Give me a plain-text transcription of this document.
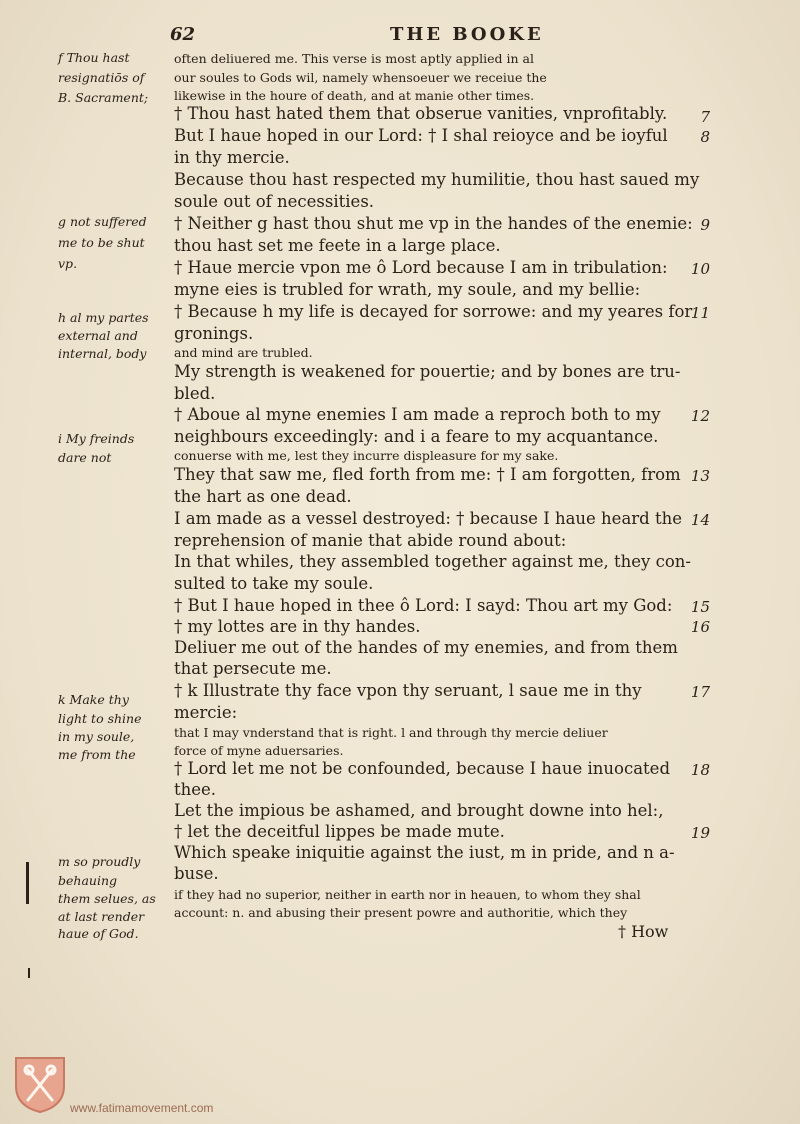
62	THE BOOKE
f Thou hast
resignatiōs of
B. Sacrament;
g not suffered
me to be shut
vp.
h al my partes
external and
internal, body
i My freinds
dare not
k Make thy
light to shine
in my soule,
me from the
m so proudly
behauing
them selues, as
at last render
haue of God.
often deliuered me. This verse is most aptly applied in al
our soules to Gods wil, namely whensoeuer we receiue the
likewise in the houre of death, and at manie other times.
† Thou hast hated them that obserue vanities, vnprofitably.
But I haue hoped in our Lord: † I shal reioyce and be ioyful
in thy mercie.
Because thou hast respected my humilitie, thou hast saued my
soule out of necessities.
† Neither g hast thou shut me vp in the handes of the enemie:
thou hast set me feete in a large place.
† Haue mercie vpon me ô Lord because I am in tribulation:
myne eies is trubled for wrath, my soule, and my bellie:
† Because h my life is decayed for sorrowe: and my yeares for
gronings.
and mind are trubled.
My strength is weakened for pouertie; and by bones are tru-
bled.
† Aboue al myne enemies I am made a reproch both to my
neighbours exceedingly: and i a feare to my acquantance.
conuerse with me, lest they incurre displeasure for my sake.
They that saw me, fled forth from me: † I am forgotten, from
the hart as one dead.
I am made as a vessel destroyed: † because I haue heard the
reprehension of manie that abide round about:
In that whiles, they assembled together against me, they con-
sulted to take my soule.
† But I haue hoped in thee ô Lord: I sayd: Thou art my God:
† my lottes are in thy handes.
Deliuer me out of the handes of my enemies, and from them
that persecute me.
† k Illustrate thy face vpon thy seruant, l saue me in thy
mercie:
that I may vnderstand that is right. l and through thy mercie deliuer
force of myne aduersaries.
† Lord let me not be confounded, because I haue inuocated
thee.
Let the impious be ashamed, and brought downe into hel:,
† let the deceitful lippes be made mute.
Which speake iniquitie against the iust, m in pride, and n a-
buse.
if they had no superior, neither in earth nor in heauen, to whom they shal
account: n. and abusing their present powre and authoritie, which they
7
8
9
10
11
12
13
14
15
16
17
18
19
† How
www.fatimamovement.com
